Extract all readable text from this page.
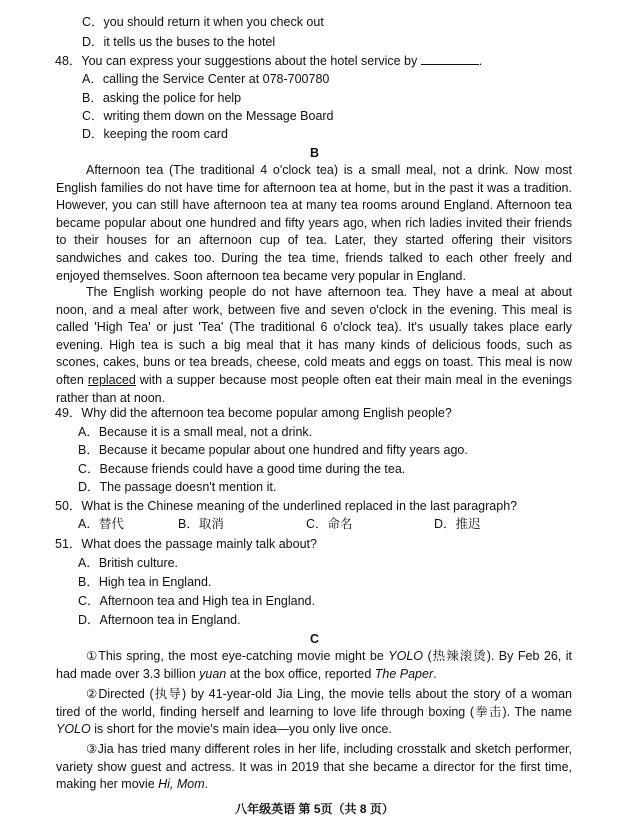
C．you should return it when you check out
D．it tells us the buses to the hotel
48．You can express your suggestions about the hotel service by	.
A．calling the Service Center at 078-700780
B．asking the police for help
C．writing them down on the Message Board
D．keeping the room card
B

Afternoon tea (The traditional 4 o'clock tea) is a small meal, not a drink. Now most English families do not have time for afternoon tea at home, but in the past it was a tradition. However, you can still have afternoon tea at many tea rooms around England. Afternoon tea became popular about one hundred and fifty years ago, when rich ladies invited their friends to their houses for an afternoon cup of tea. Later, they started offering their visitors sandwiches and cakes too. During the tea time, friends talked to each other freely and enjoyed themselves. Soon afternoon tea became very popular in England.

The English working people do not have afternoon tea. They have a meal at about noon, and a meal after work, between five and seven o'clock in the evening. This meal is called 'High Tea' or just 'Tea' (The traditional 6 o'clock tea). It's usually takes place early evening. High tea is such a big meal that it has many kinds of delicious foods, such as scones, cakes, buns or tea breads, cheese, cold meats and eggs on toast. This meal is now often replaced with a supper because most people often eat their main meal in the evenings rather than at noon.

49．Why did the afternoon tea become popular among English people?
A．Because it is a small meal, not a drink.
B．Because it became popular about one hundred and fifty years ago.
C．Because friends could have a good time during the tea.
D．The passage doesn't mention it.
50．What is the Chinese meaning of the underlined replaced in the last paragraph?
A．替代	B．取消	C．命名	D．推迟
51．What does the passage mainly talk about?
A．British culture.
B．High tea in England.
C．Afternoon tea and High tea in England.
D．Afternoon tea in England.
C

①This spring, the most eye-catching movie might be YOLO (热辣滚烫). By Feb 26, it had made over 3.3 billion yuan at the box office, reported The Paper.

②Directed (执导) by 41-year-old Jia Ling, the movie tells about the story of a woman tired of the world, finding herself and learning to love life through boxing (拳击). The name YOLO is short for the movie's main idea—you only live once.

③Jia has tried many different roles in her life, including crosstalk and sketch performer, variety show guest and actress. It was in 2019 that she became a director for the first time, making her movie Hi, Mom.

八年级英语 第 5页（共 8 页）
